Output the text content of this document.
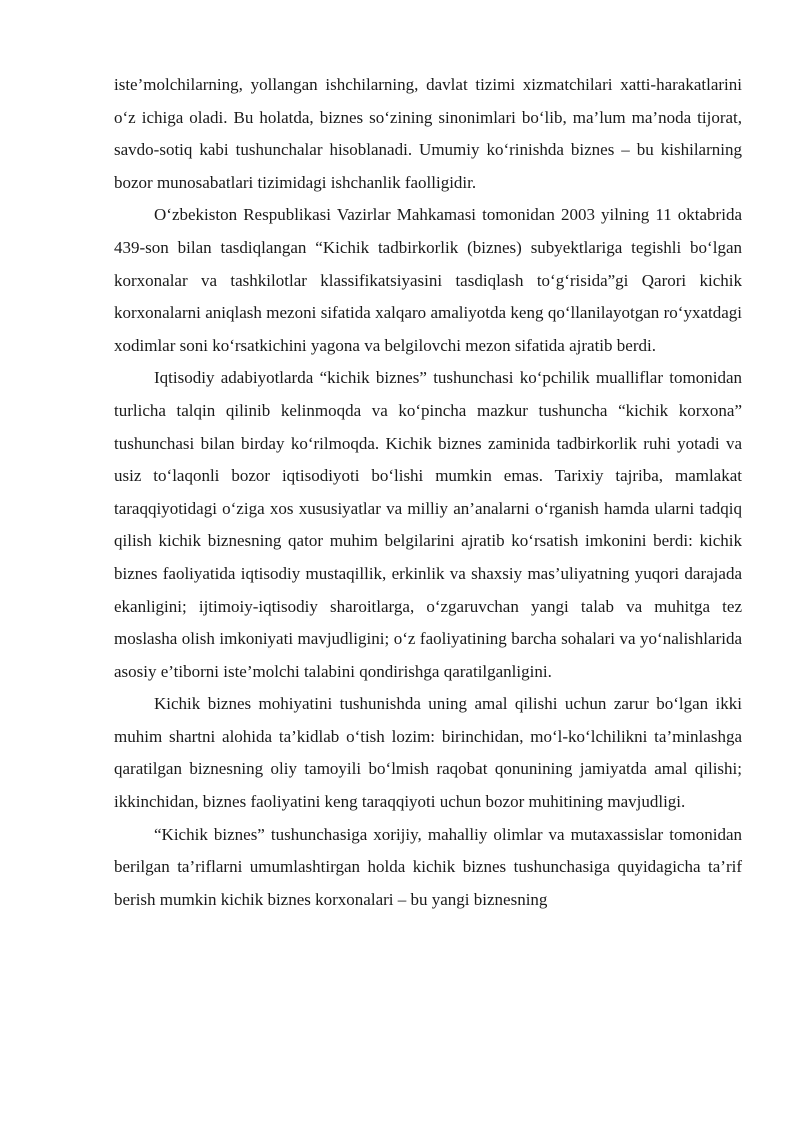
iste’molchilarning, yollangan ishchilarning, davlat tizimi xizmatchilari xatti-harakatlarini o‘z ichiga oladi. Bu holatda, biznes so‘zining sinonimlari bo‘lib, ma’lum ma’noda tijorat, savdo-sotiq kabi tushunchalar hisoblanadi. Umumiy ko‘rinishda biznes – bu kishilarning bozor munosabatlari tizimidagi ishchanlik faolligidir.

O‘zbekiston Respublikasi Vazirlar Mahkamasi tomonidan 2003 yilning 11 oktabrida 439-son bilan tasdiqlangan “Kichik tadbirkorlik (biznes) subyektlariga tegishli bo‘lgan korxonalar va tashkilotlar klassifikatsiyasini tasdiqlash to‘g‘risida”gi Qarori kichik korxonalarni aniqlash mezoni sifatida xalqaro amaliyotda keng qo‘llanilayotgan ro‘yxatdagi xodimlar soni ko‘rsatkichini yagona va belgilovchi mezon sifatida ajratib berdi.

Iqtisodiy adabiyotlarda “kichik biznes” tushunchasi ko‘pchilik mualliflar tomonidan turlicha talqin qilinib kelinmoqda va ko‘pincha mazkur tushuncha “kichik korxona” tushunchasi bilan birday ko‘rilmoqda. Kichik biznes zaminida tadbirkorlik ruhi yotadi va usiz to‘laqonli bozor iqtisodiyoti bo‘lishi mumkin emas. Tarixiy tajriba, mamlakat taraqqiyotidagi o‘ziga xos xususiyatlar va milliy an’analarni o‘rganish hamda ularni tadqiq qilish kichik biznesning qator muhim belgilarini ajratib ko‘rsatish imkonini berdi: kichik biznes faoliyatida iqtisodiy mustaqillik, erkinlik va shaxsiy mas’uliyatning yuqori darajada ekanligini; ijtimoiy-iqtisodiy sharoitlarga, o‘zgaruvchan yangi talab va muhitga tez moslasha olish imkoniyati mavjudligini; o‘z faoliyatining barcha sohalari va yo‘nalishlarida asosiy e’tiborni iste’molchi talabini qondirishga qaratilganligini.

Kichik biznes mohiyatini tushunishda uning amal qilishi uchun zarur bo‘lgan ikki muhim shartni alohida ta’kidlab o‘tish lozim: birinchidan, mo‘l-ko‘lchilikni ta’minlashga qaratilgan biznesning oliy tamoyili bo‘lmish raqobat qonunining jamiyatda amal qilishi; ikkinchidan, biznes faoliyatini keng taraqqiyoti uchun bozor muhitining mavjudligi.

“Kichik biznes” tushunchasiga xorijiy, mahalliy olimlar va mutaxassislar tomonidan berilgan ta’riflarni umumlashtirgan holda kichik biznes tushunchasiga quyidagicha ta’rif berish mumkin kichik biznes korxonalari – bu yangi biznesning
